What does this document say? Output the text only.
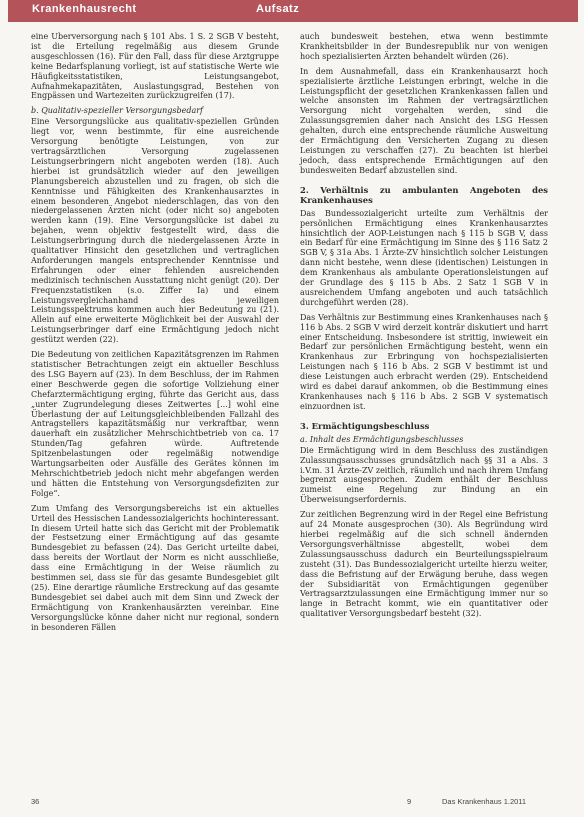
Krankenhausrecht	Aufsatz

eine Überversorgung nach § 101 Abs. 1 S. 2 SGB V besteht, ist die Erteilung regelmäßig aus diesem Grunde ausgeschlossen (16). Für den Fall, dass für diese Arztgruppe keine Bedarfsplanung vorliegt, ist auf statistische Werte wie Häufigkeitsstatistiken, Leistungsangebot, Aufnahmekapazitäten, Auslastungsgrad, Bestehen von Engpässen und Wartezeiten zurückzugreifen (17).

b. Qualitativ-spezieller Versorgungsbedarf

Eine Versorgungslücke aus qualitativ-speziellen Gründen liegt vor, wenn bestimmte, für eine ausreichende Versorgung benötigte Leistungen, von zur vertragsärztlichen Versorgung zugelassenen Leistungserbringern nicht angeboten werden (18). Auch hierbei ist grundsätzlich wieder auf den jeweiligen Planungsbereich abzustellen und zu fragen, ob sich die Kenntnisse und Fähigkeiten des Krankenhausarztes in einem besonderen Angebot niederschlagen, das von den niedergelassenen Ärzten nicht (oder nicht so) angeboten werden kann (19). Eine Versorgungslücke ist dabei zu bejahen, wenn objektiv festgestellt wird, dass die Leistungserbringung durch die niedergelassenen Ärzte in qualitativer Hinsicht den gesetzlichen und vertraglichen Anforderungen mangels entsprechender Kenntnisse und Erfahrungen oder einer fehlenden ausreichenden medizinisch technischen Ausstattung nicht genügt (20). Der Frequenzstatistiken (s.o. Ziffer Ia) und einem Leistungsvergleichanhand des jeweiligen Leistungsspektrums kommen auch hier Bedeutung zu (21). Allein auf eine erweiterte Möglichkeit bei der Auswahl der Leistungserbringer darf eine Ermächtigung jedoch nicht gestützt werden (22).

Die Bedeutung von zeitlichen Kapazitätsgrenzen im Rahmen statistischer Betrachtungen zeigt ein aktueller Beschluss des LSG Bayern auf (23). In dem Beschluss, der im Rahmen einer Beschwerde gegen die sofortige Vollziehung einer Chefarztermächtigung erging, führte das Gericht aus, dass „unter Zugrundelegung dieses Zeitwertes [...] wohl eine Überlastung der auf Leitungsgleichbleibenden Fallzahl des Antragstellers kapazitätsmäßig nur verkraftbar, wenn dauerhaft ein zusätzlicher Mehrschichtbetrieb von ca. 17 Stunden/Tag gefahren würde. Auftretende Spitzenbelastungen oder regelmäßig notwendige Wartungsarbeiten oder Ausfälle des Gerätes können im Mehrschichtbetrieb jedoch nicht mehr abgefangen werden und hätten die Entstehung von Versorgungsdefiziten zur Folge“.

Zum Umfang des Versorgungsbereichs ist ein aktuelles Urteil des Hessischen Landessozialgerichts hochinteressant. In diesem Urteil hatte sich das Gericht mit der Problematik der Festsetzung einer Ermächtigung auf das gesamte Bundesgebiet zu befassen (24). Das Gericht urteilte dabei, dass bereits der Wortlaut der Norm es nicht ausschließe, dass eine Ermächtigung in der Weise räumlich zu bestimmen sei, dass sie für das gesamte Bundesgebiet gilt (25). Eine derartige räumliche Erstreckung auf das gesamte Bundesgebiet sei dabei auch mit dem Sinn und Zweck der Ermächtigung von Krankenhausärzten vereinbar. Eine Versorgungslücke könne daher nicht nur regional, sondern in besonderen Fällen

auch bundesweit bestehen, etwa wenn bestimmte Krankheitsbilder in der Bundesrepublik nur von wenigen hoch spezialisierten Ärzten behandelt würden (26).

In dem Ausnahmefall, dass ein Krankenhausarzt hoch spezialisierte ärztliche Leistungen erbringt, welche in die Leistungspflicht der gesetzlichen Krankenkassen fallen und welche ansonsten im Rahmen der vertragsärztlichen Versorgung nicht vorgehalten werden, sind die Zulassungsgremien daher nach Ansicht des LSG Hessen gehalten, durch eine entsprechende räumliche Ausweitung der Ermächtigung den Versicherten Zugang zu diesen Leistungen zu verschaffen (27). Zu beachten ist hierbei jedoch, dass entsprechende Ermächtigungen auf den bundesweiten Bedarf abzustellen sind.

2. Verhältnis zu ambulanten Angeboten des Krankenhauses

Das Bundessozialgericht urteilte zum Verhältnis der persönlichen Ermächtigung eines Krankenhausarztes hinsichtlich der AOP-Leistungen nach § 115 b SGB V, dass ein Bedarf für eine Ermächtigung im Sinne des § 116 Satz 2 SGB V, § 31a Abs. 1 Ärzte-ZV hinsichtlich solcher Leistungen dann nicht bestehe, wenn diese (identischen) Leistungen in dem Krankenhaus als ambulante Operationsleistungen auf der Grundlage des § 115 b Abs. 2 Satz 1 SGB V in ausreichendem Umfang angeboten und auch tatsächlich durchgeführt werden (28).

Das Verhältnis zur Bestimmung eines Krankenhauses nach § 116 b Abs. 2 SGB V wird derzeit konträr diskutiert und harrt einer Entscheidung. Insbesondere ist strittig, inwieweit ein Bedarf zur persönlichen Ermächtigung besteht, wenn ein Krankenhaus zur Erbringung von hochspezialisierten Leistungen nach § 116 b Abs. 2 SGB V bestimmt ist und diese Leistungen auch erbracht werden (29). Entscheidend wird es dabei darauf ankommen, ob die Bestimmung eines Krankenhauses nach § 116 b Abs. 2 SGB V systematisch einzuordnen ist.

3. Ermächtigungsbeschluss
a. Inhalt des Ermächtigungsbeschlusses

Die Ermächtigung wird in dem Beschluss des zuständigen Zulassungsausschusses grundsätzlich nach §§ 31 a Abs. 3 i.V.m. 31 Ärzte-ZV zeitlich, räumlich und nach ihrem Umfang begrenzt ausgesprochen. Zudem enthält der Beschluss zumeist eine Regelung zur Bindung an ein Überweisungserfordernis.

Zur zeitlichen Begrenzung wird in der Regel eine Befristung auf 24 Monate ausgesprochen (30). Als Begründung wird hierbei regelmäßig auf die sich schnell ändernden Versorgungsverhältnisse abgestellt, wobei dem Zulassungsausschuss dadurch ein Beurteilungsspielraum zusteht (31). Das Bundessozialgericht urteilte hierzu weiter, dass die Befristung auf der Erwägung beruhe, dass wegen der Subsidiarität von Ermächtigungen gegenüber Vertragsarztzulassungen eine Ermächtigung immer nur so lange in Betracht kommt, wie ein quantitativer oder qualitativer Versorgungsbedarf besteht (32).

36	9	Das Krankenhaus 1.2011
